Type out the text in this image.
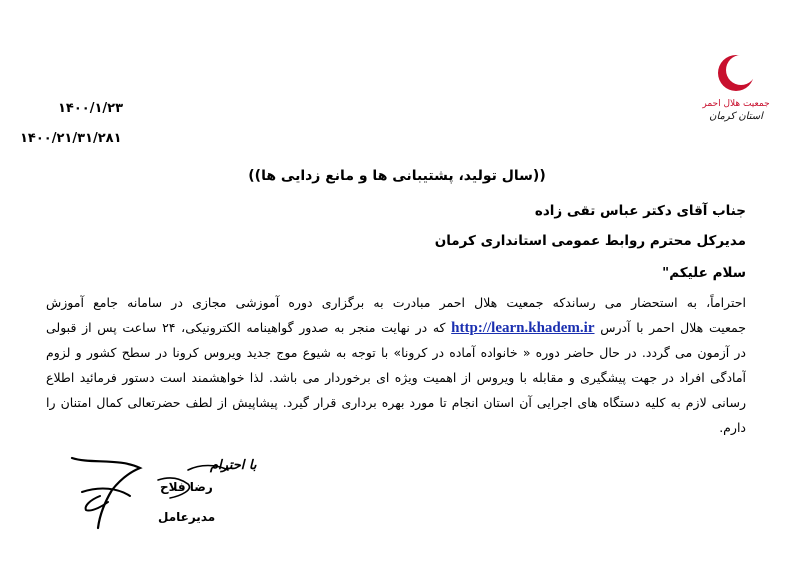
جمعیت هلال احمر
استان کرمان
۱۴۰۰/۱/۲۳
۱۴۰۰/۲۱/۳۱/۲۸۱
((سال تولید، پشتیبانی ها و مانع زدایی ها))
جناب آقای دکتر عباس تقی زاده
مدیرکل محترم روابط عمومی استانداری کرمان
سلام علیکم"
احتراماً، به استحضار می رساندکه جمعیت هلال احمر مبادرت به برگزاری دوره آموزشی مجازی در سامانه جامع آموزش
جمعیت هلال احمر با آدرس http://learn.khadem.ir که در نهایت منجر به صدور گواهینامه الکترونیکی، ۲۴ ساعت پس از قبولی
در آزمون می گردد. در حال حاضر دوره « خانواده آماده در کرونا» با توجه به شیوع موج جدید ویروس کرونا در سطح کشور و لزوم
آمادگی افراد در جهت پیشگیری و مقابله با ویروس از اهمیت ویژه ای برخوردار می باشد. لذا خواهشمند است دستور فرمائید اطلاع
رسانی لازم به کلیه دستگاه های اجرایی آن استان انجام تا مورد بهره برداری قرار گیرد. پیشاپیش از لطف حضرتعالی کمال امتنان را
دارم.
با احترام
رضا فلاح
مدیرعامل
